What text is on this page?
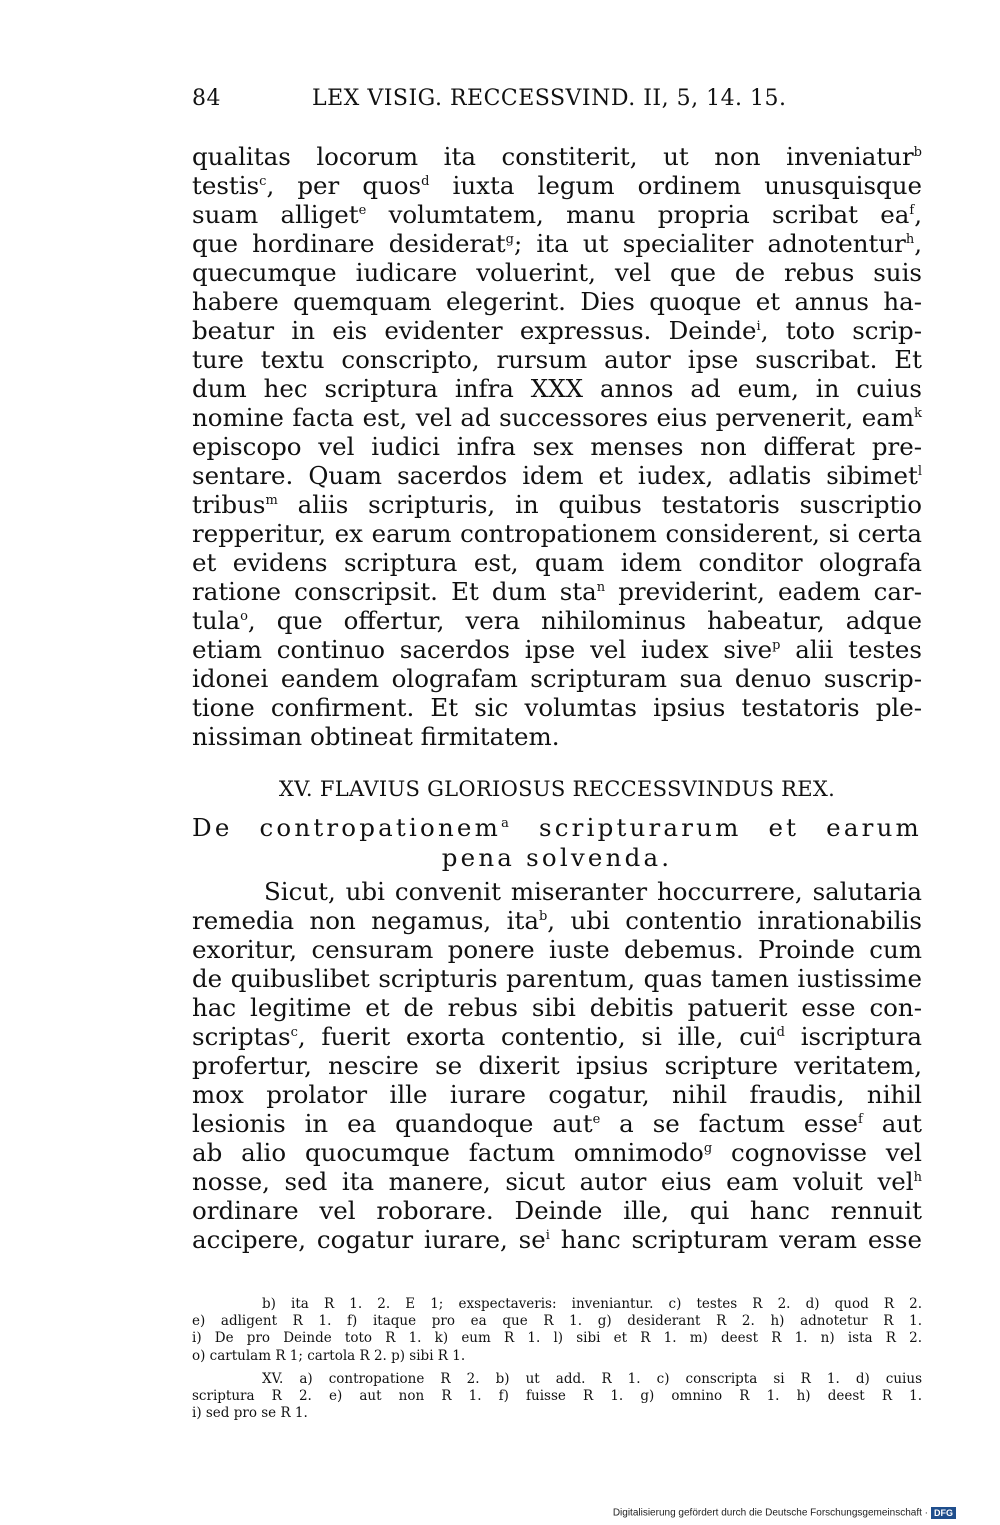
84	LEX VISIG. RECCESSVIND. II, 5, 14. 15.
qualitas locorum ita constiterit, ut non inveniatur$^b$
testis$^c$, per quos$^d$ iuxta legum ordinem unusquisque
suam alliget$^e$ volumtatem, manu propria scribat $ea^f$,
que hordinare desiderat$^g$; ita ut specialiter adnotentur$^h$,
quecumque iudicare voluerint, vel que de rebus suis
habere quemquam elegerint. Dies quoque et annus ha-
beatur in eis evidenter expressus. Deinde$^i$, toto scrip-
ture textu conscripto, rursum autor ipse suscribat. Et
dum hec scriptura infra XXX annos ad eum, in cuius
nomine facta est, vel ad successores eius pervenerit, eam$^k$
episcopo vel iudici infra sex menses non differat pre-
sentare. Quam sacerdos idem et iudex, adlatis sibimet$^l$
tribus$^m$ aliis scripturis, in quibus testatoris suscriptio
repperitur, ex earum contropationem considerent, si certa
et evidens scriptura est, quam idem conditor olografa
ratione conscripsit. Et dum sta$^n$ previderint, eadem car-
tula$^o$, que offertur, vera nihilominus habeatur, adque
etiam continuo sacerdos ipse vel iudex sive$^p$ alii testes
idonei eandem olografam scripturam sua denuo suscrip-
tione confirment. Et sic volumtas ipsius testatoris ple-
nissiman obtineat firmitatem.
XV. FLAVIUS GLORIOSUS RECCESSVINDUS REX.
De contropationem$^a$ scripturarum et earum
pena solvenda.
Sicut, ubi convenit miseranter hoccurrere, salutaria
remedia non negamus, ita$^b$, ubi contentio inrationabilis
exoritur, censuram ponere iuste debemus. Proinde cum
de quibuslibet scripturis parentum, quas tamen iustissime
hac legitime et de rebus sibi debitis patuerit esse con-
scriptas$^c$, fuerit exorta contentio, si ille, cui$^d$ iscriptura
profertur, nescire se dixerit ipsius scripture veritatem,
mox prolator ille iurare cogatur, nihil fraudis, nihil
lesionis in ea quandoque aut$^e$ a se factum esse$^f$ aut
ab alio quocumque factum omnimodo$^g$ cognovisse vel
nosse, sed ita manere, sicut autor eius eam voluit vel$^h$
ordinare vel roborare. Deinde ille, qui hanc rennuit
accipere, cogatur iurare, $se^i$ hanc scripturam veram esse
b) ita R 1. 2. E 1; exspectaveris: inveniantur. c) testes R 2. d) quod R 2.
e) adligent R 1. f) itaque pro ea que R 1. g) desiderant R 2. h) adnotetur R 1.
i) De pro Deinde toto R 1. k) eum R 1. l) sibi et R 1. m) deest R 1. n) ista R 2.
o) cartulam R 1; cartola R 2. p) sibi R 1.
XV. a) contropatione R 2. b) ut add. R 1. c) conscripta si R 1. d) cuius
scriptura R 2. e) aut non R 1. f) fuisse R 1. g) omnino R 1. h) deest R 1.
i) sed pro se R 1.
Digitalisierung gefördert durch die Deutsche Forschungsgemeinschaft · DFG
